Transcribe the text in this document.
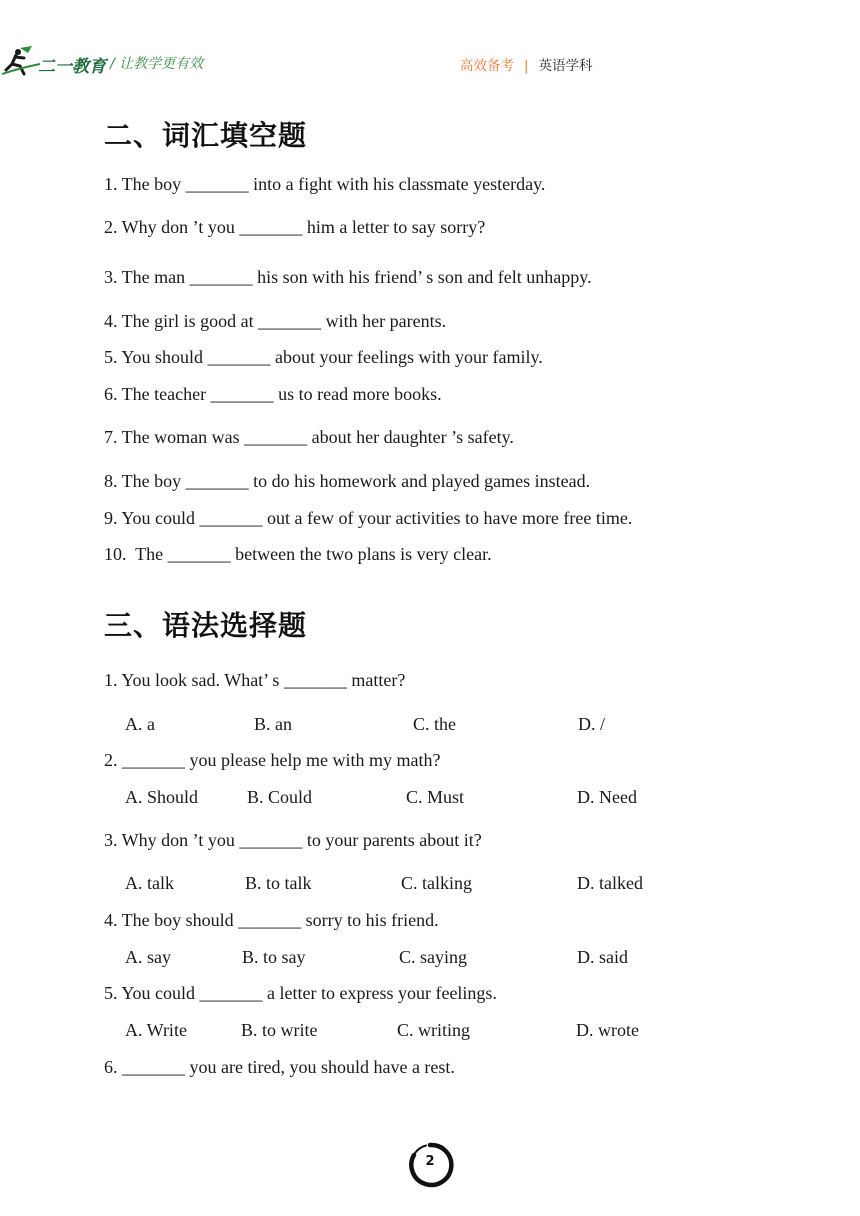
二一教育 / 让教学更有效	高效备考 | 英语学科
二、词汇填空题
1. The boy _______ into a fight with his classmate yesterday.
2. Why don ’t you _______ him a letter to say sorry?
3. The man _______ his son with his friend’ s son and felt unhappy.
4. The girl is good at _______ with her parents.
5. You should _______ about your feelings with your family.
6. The teacher _______ us to read more books.
7. The woman was _______ about her daughter ’s safety.
8. The boy _______ to do his homework and played games instead.
9. You could _______ out a few of your activities to have more free time.
10.  The _______ between the two plans is very clear.
三、语法选择题
1. You look sad. What’ s _______ matter?
A. a	B. an	C. the	D. /
2. _______ you please help me with my math?
A. Should	B. Could	C. Must	D. Need
3. Why don ’t you _______ to your parents about it?
A. talk	B. to talk	C. talking	D. talked
4. The boy should _______ sorry to his friend.
A. say	B. to say	C. saying	D. said
5. You could _______ a letter to express your feelings.
A. Write	B. to write	C. writing	D. wrote
6. _______ you are tired, you should have a rest.
2
